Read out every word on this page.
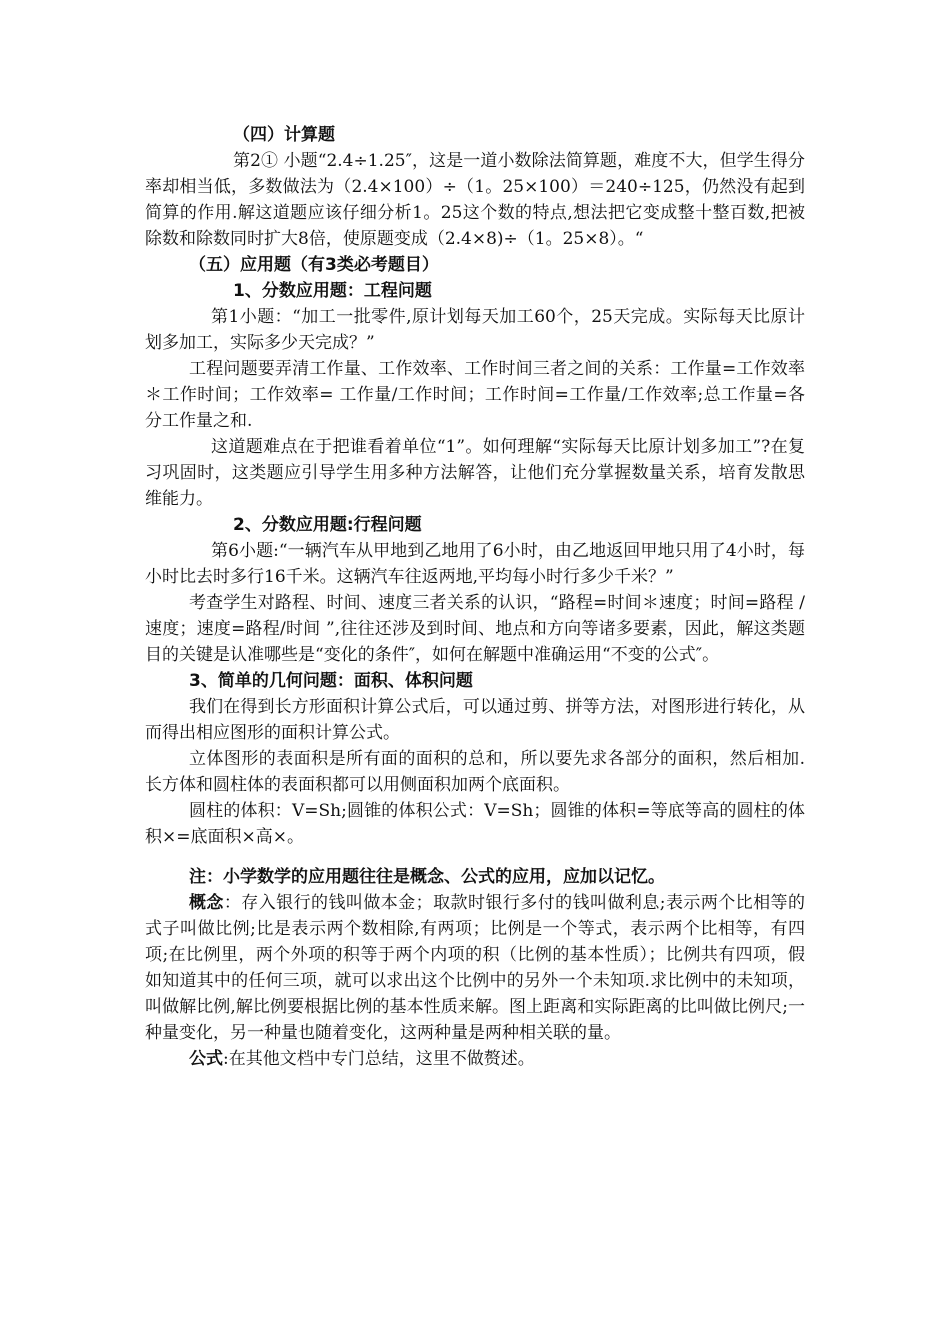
（四）计算题

第2① 小题“2.4÷1.25″，这是一道小数除法简算题，难度不大，但学生得分率却相当低，多数做法为（2.4×100）÷（1。25×100）＝240÷125，仍然没有起到简算的作用.解这道题应该仔细分析1。25这个数的特点,想法把它变成整十整百数,把被除数和除数同时扩大8倍，使原题变成（2.4×8)÷（1。25×8）。“

（五）应用题（有3类必考题目）

1、分数应用题：工程问题

第1小题：“加工一批零件,原计划每天加工60个，25天完成。实际每天比原计划多加工，实际多少天完成？”

工程问题要弄清工作量、工作效率、工作时间三者之间的关系：工作量=工作效率＊工作时间；工作效率= 工作量/工作时间；工作时间=工作量/工作效率;总工作量=各分工作量之和.

这道题难点在于把谁看着单位“1”。如何理解“实际每天比原计划多加工”?在复习巩固时，这类题应引导学生用多种方法解答，让他们充分掌握数量关系，培育发散思维能力。

2、分数应用题:行程问题

第6小题:“一辆汽车从甲地到乙地用了6小时，由乙地返回甲地只用了4小时，每小时比去时多行16千米。这辆汽车往返两地,平均每小时行多少千米？”

考查学生对路程、时间、速度三者关系的认识，“路程=时间＊速度；时间=路程 /速度；速度=路程/时间 ”,往往还涉及到时间、地点和方向等诸多要素，因此，解这类题目的关键是认准哪些是“变化的条件″，如何在解题中准确运用“不变的公式″。

3、简单的几何问题：面积、体积问题

我们在得到长方形面积计算公式后，可以通过剪、拼等方法，对图形进行转化，从而得出相应图形的面积计算公式。

立体图形的表面积是所有面的面积的总和，所以要先求各部分的面积，然后相加.长方体和圆柱体的表面积都可以用侧面积加两个底面积。

圆柱的体积：V=Sh;圆锥的体积公式：V=Sh；圆锥的体积=等底等高的圆柱的体积×=底面积×高×。

注：小学数学的应用题往往是概念、公式的应用，应加以记忆。

概念：存入银行的钱叫做本金；取款时银行多付的钱叫做利息;表示两个比相等的式子叫做比例;比是表示两个数相除,有两项；比例是一个等式，表示两个比相等，有四项;在比例里，两个外项的积等于两个内项的积（比例的基本性质）；比例共有四项，假如知道其中的任何三项，就可以求出这个比例中的另外一个未知项.求比例中的未知项，叫做解比例,解比例要根据比例的基本性质来解。图上距离和实际距离的比叫做比例尺;一种量变化，另一种量也随着变化，这两种量是两种相关联的量。

公式:在其他文档中专门总结，这里不做赘述。
